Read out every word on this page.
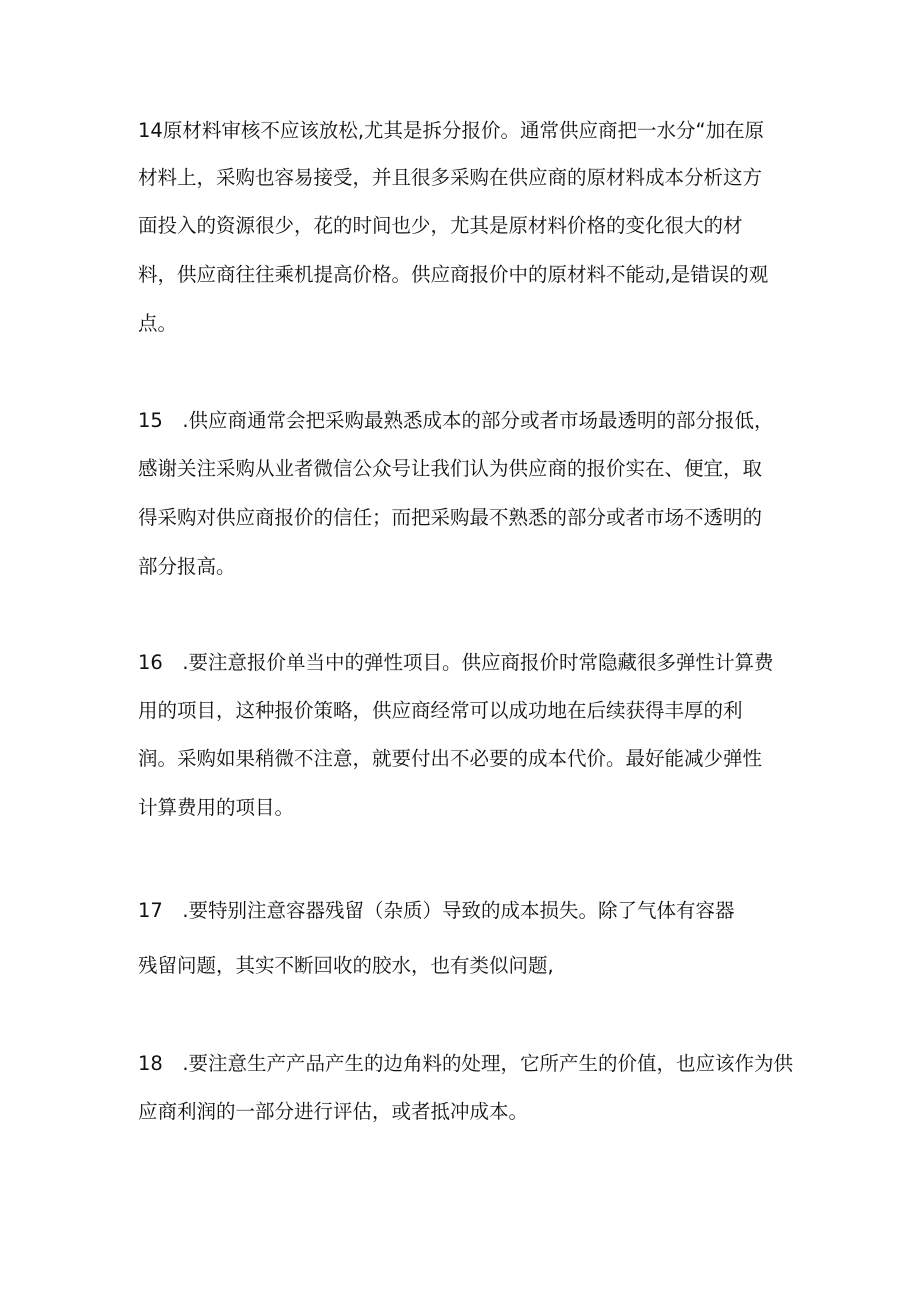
14原材料审核不应该放松,尤其是拆分报价。通常供应商把一水分“加在原
材料上，采购也容易接受，并且很多采购在供应商的原材料成本分析这方
面投入的资源很少，花的时间也少，尤其是原材料价格的变化很大的材
料，供应商往往乘机提高价格。供应商报价中的原材料不能动,是错误的观
点。
15　.供应商通常会把采购最熟悉成本的部分或者市场最透明的部分报低，
感谢关注采购从业者微信公众号让我们认为供应商的报价实在、便宜，取
得采购对供应商报价的信任；而把采购最不熟悉的部分或者市场不透明的
部分报高。
16　.要注意报价单当中的弹性项目。供应商报价时常隐藏很多弹性计算费
用的项目，这种报价策略，供应商经常可以成功地在后续获得丰厚的利
润。采购如果稍微不注意，就要付出不必要的成本代价。最好能减少弹性
计算费用的项目。
17　.要特别注意容器残留（杂质）导致的成本损失。除了气体有容器
残留问题，其实不断回收的胶水，也有类似问题,
18　.要注意生产产品产生的边角料的处理，它所产生的价值，也应该作为供
应商利润的一部分进行评估，或者抵冲成本。
